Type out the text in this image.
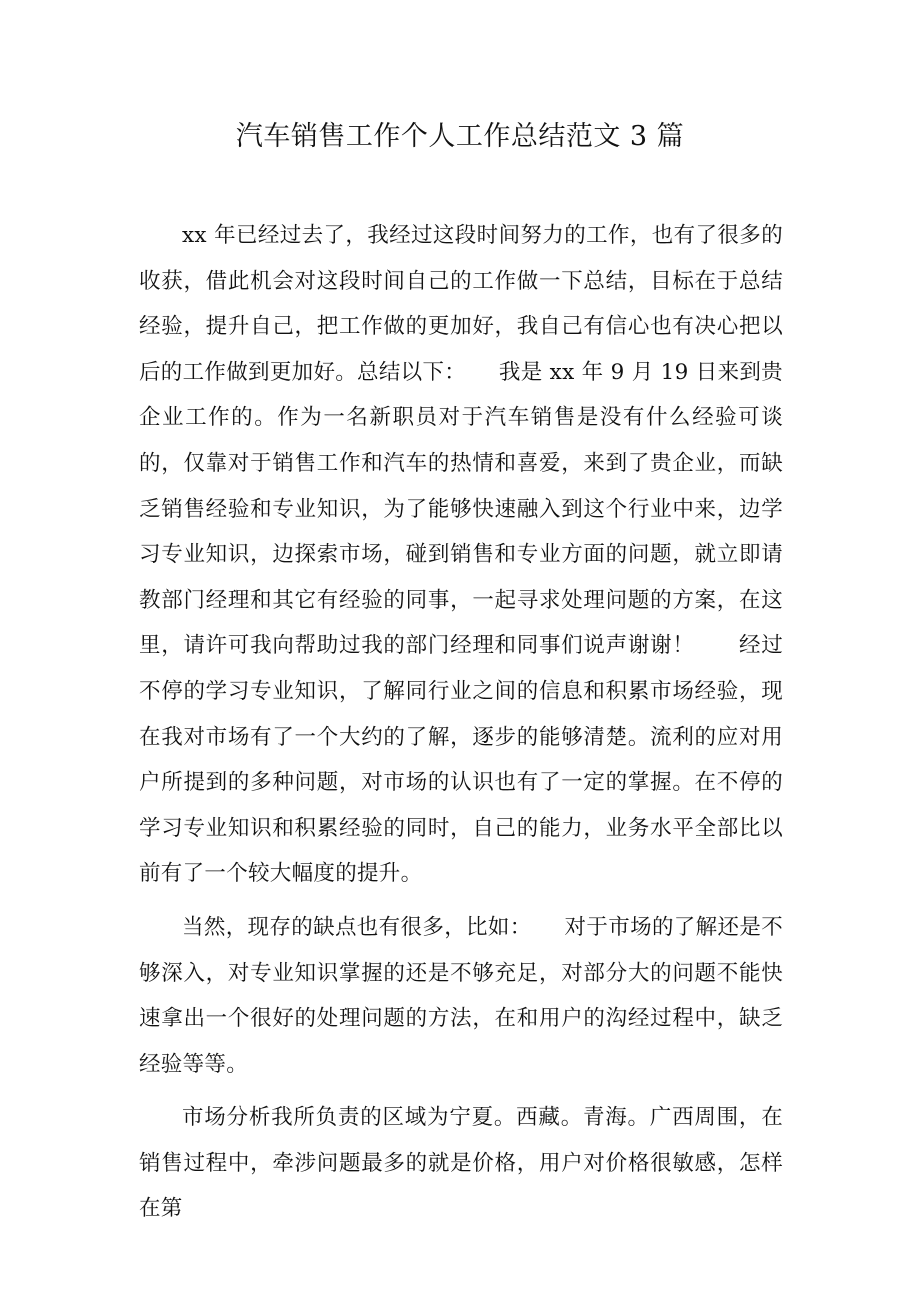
汽车销售工作个人工作总结范文 3 篇

xx 年已经过去了，我经过这段时间努力的工作，也有了很多的收获，借此机会对这段时间自己的工作做一下总结，目标在于总结经验，提升自己，把工作做的更加好，我自己有信心也有决心把以后的工作做到更加好。总结以下：　　我是 xx 年 9 月 19 日来到贵企业工作的。作为一名新职员对于汽车销售是没有什么经验可谈的，仅靠对于销售工作和汽车的热情和喜爱，来到了贵企业，而缺乏销售经验和专业知识，为了能够快速融入到这个行业中来，边学习专业知识，边探索市场，碰到销售和专业方面的问题，就立即请教部门经理和其它有经验的同事，一起寻求处理问题的方案，在这里，请许可我向帮助过我的部门经理和同事们说声谢谢！　　经过不停的学习专业知识，了解同行业之间的信息和积累市场经验，现在我对市场有了一个大约的了解，逐步的能够清楚。流利的应对用户所提到的多种问题，对市场的认识也有了一定的掌握。在不停的学习专业知识和积累经验的同时，自己的能力，业务水平全部比以前有了一个较大幅度的提升。

当然，现存的缺点也有很多，比如：　　对于市场的了解还是不够深入，对专业知识掌握的还是不够充足，对部分大的问题不能快速拿出一个很好的处理问题的方法，在和用户的沟经过程中，缺乏经验等等。

市场分析我所负责的区域为宁夏。西藏。青海。广西周围，在销售过程中，牵涉问题最多的就是价格，用户对价格很敏感，怎样在第
